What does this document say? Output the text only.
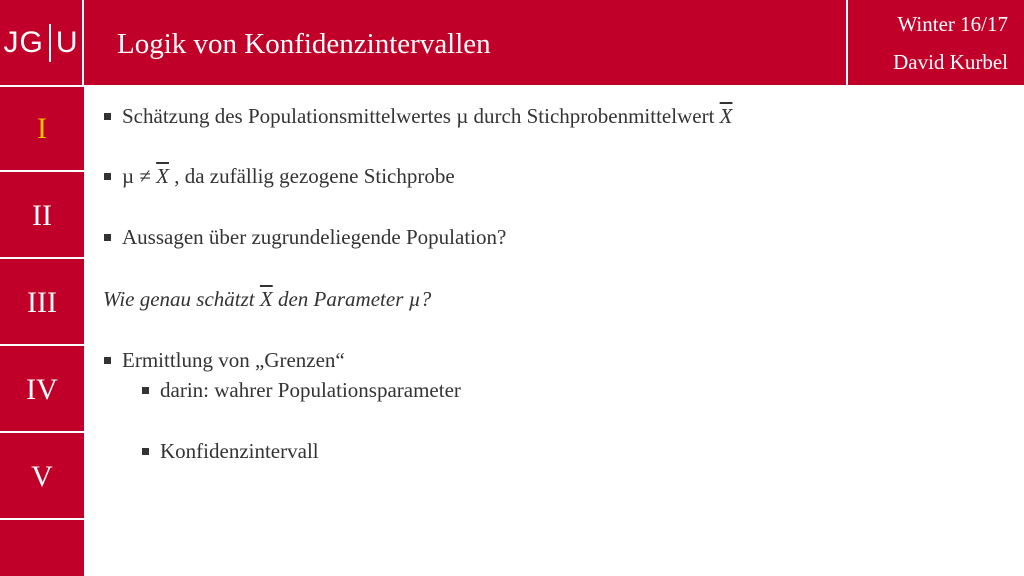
JG U Logik von Konfidenzintervallen
Winter 16/17
David Kurbel
I
II
III
IV
V
Schätzung des Populationsmittelwertes µ durch Stichprobenmittelwert $\overline{X}$
$\mu \ne \overline{X}$ , da zufällig gezogene Stichprobe
Aussagen über zugrundeliegende Population?
Wie genau schätzt $\overline{X}$ den Parameter µ?
Ermittlung von „Grenzen“
darin: wahrer Populationsparameter
Konfidenzintervall
